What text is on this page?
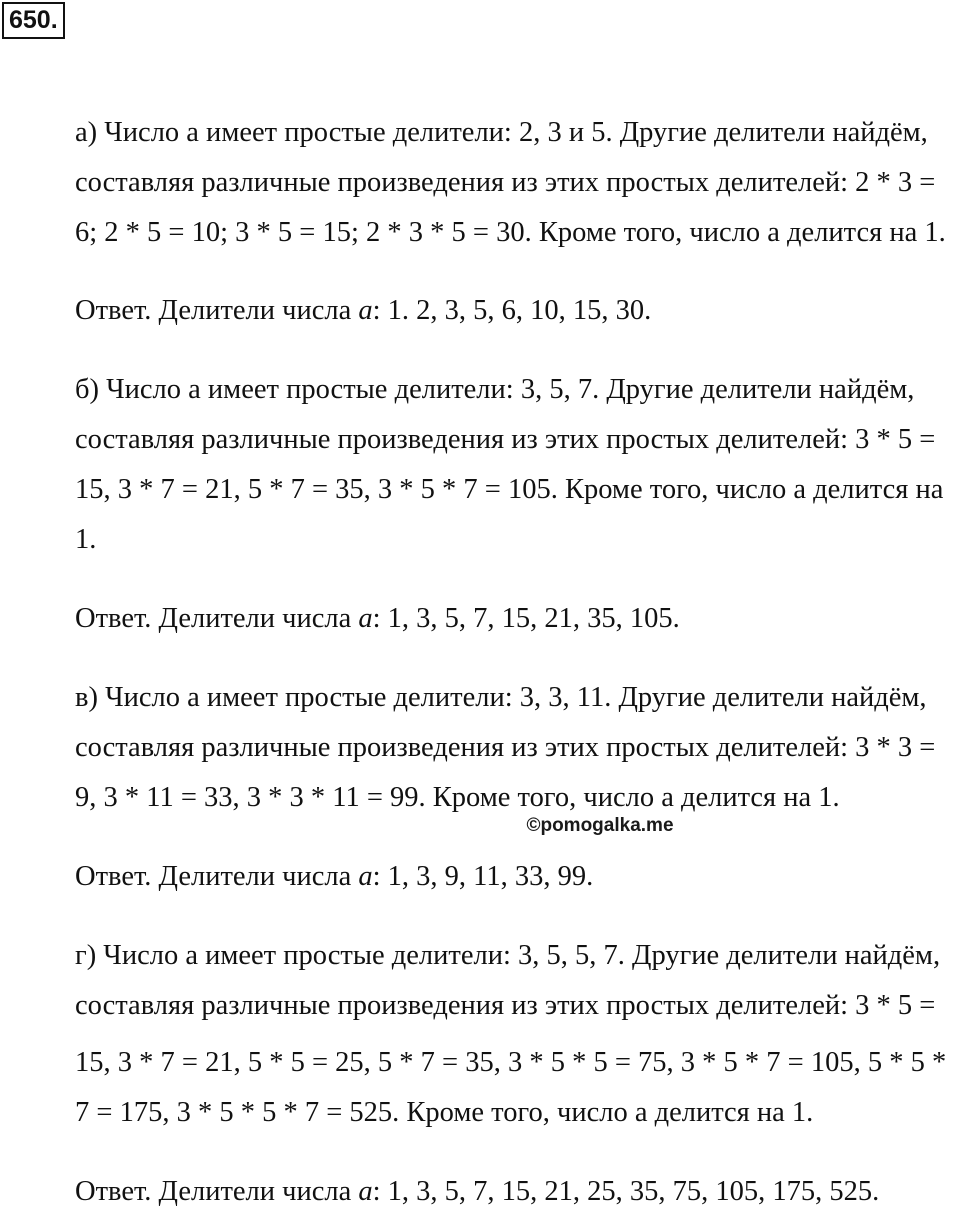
650.
а) Число а имеет простые делители: 2, 3 и 5. Другие делители найдём,
составляя различные произведения из этих простых делителей: 2 * 3 =
6; 2 * 5 = 10; 3 * 5 = 15; 2 * 3 * 5 = 30. Кроме того, число а делится на 1.
Ответ. Делители числа a: 1. 2, 3, 5, 6, 10, 15, 30.
б) Число а имеет простые делители: 3, 5, 7. Другие делители найдём,
составляя различные произведения из этих простых делителей: 3 * 5 =
15, 3 * 7 = 21, 5 * 7 = 35, 3 * 5 * 7 = 105. Кроме того, число а делится на
1.
Ответ. Делители числа a: 1, 3, 5, 7, 15, 21, 35, 105.
в) Число а имеет простые делители: 3, 3, 11. Другие делители найдём,
составляя различные произведения из этих простых делителей: 3 * 3 =
9, 3 * 11 = 33, 3 * 3 * 11 = 99. Кроме того, число а делится на 1.
©pomogalka.me
Ответ. Делители числа a: 1, 3, 9, 11, 33, 99.
г) Число а имеет простые делители: 3, 5, 5, 7. Другие делители найдём,
составляя различные произведения из этих простых делителей: 3 * 5 =
15, 3 * 7 = 21, 5 * 5 = 25, 5 * 7 = 35, 3 * 5 * 5 = 75, 3 * 5 * 7 = 105, 5 * 5 *
7 = 175, 3 * 5 * 5 * 7 = 525. Кроме того, число а делится на 1.
Ответ. Делители числа a: 1, 3, 5, 7, 15, 21, 25, 35, 75, 105, 175, 525.
